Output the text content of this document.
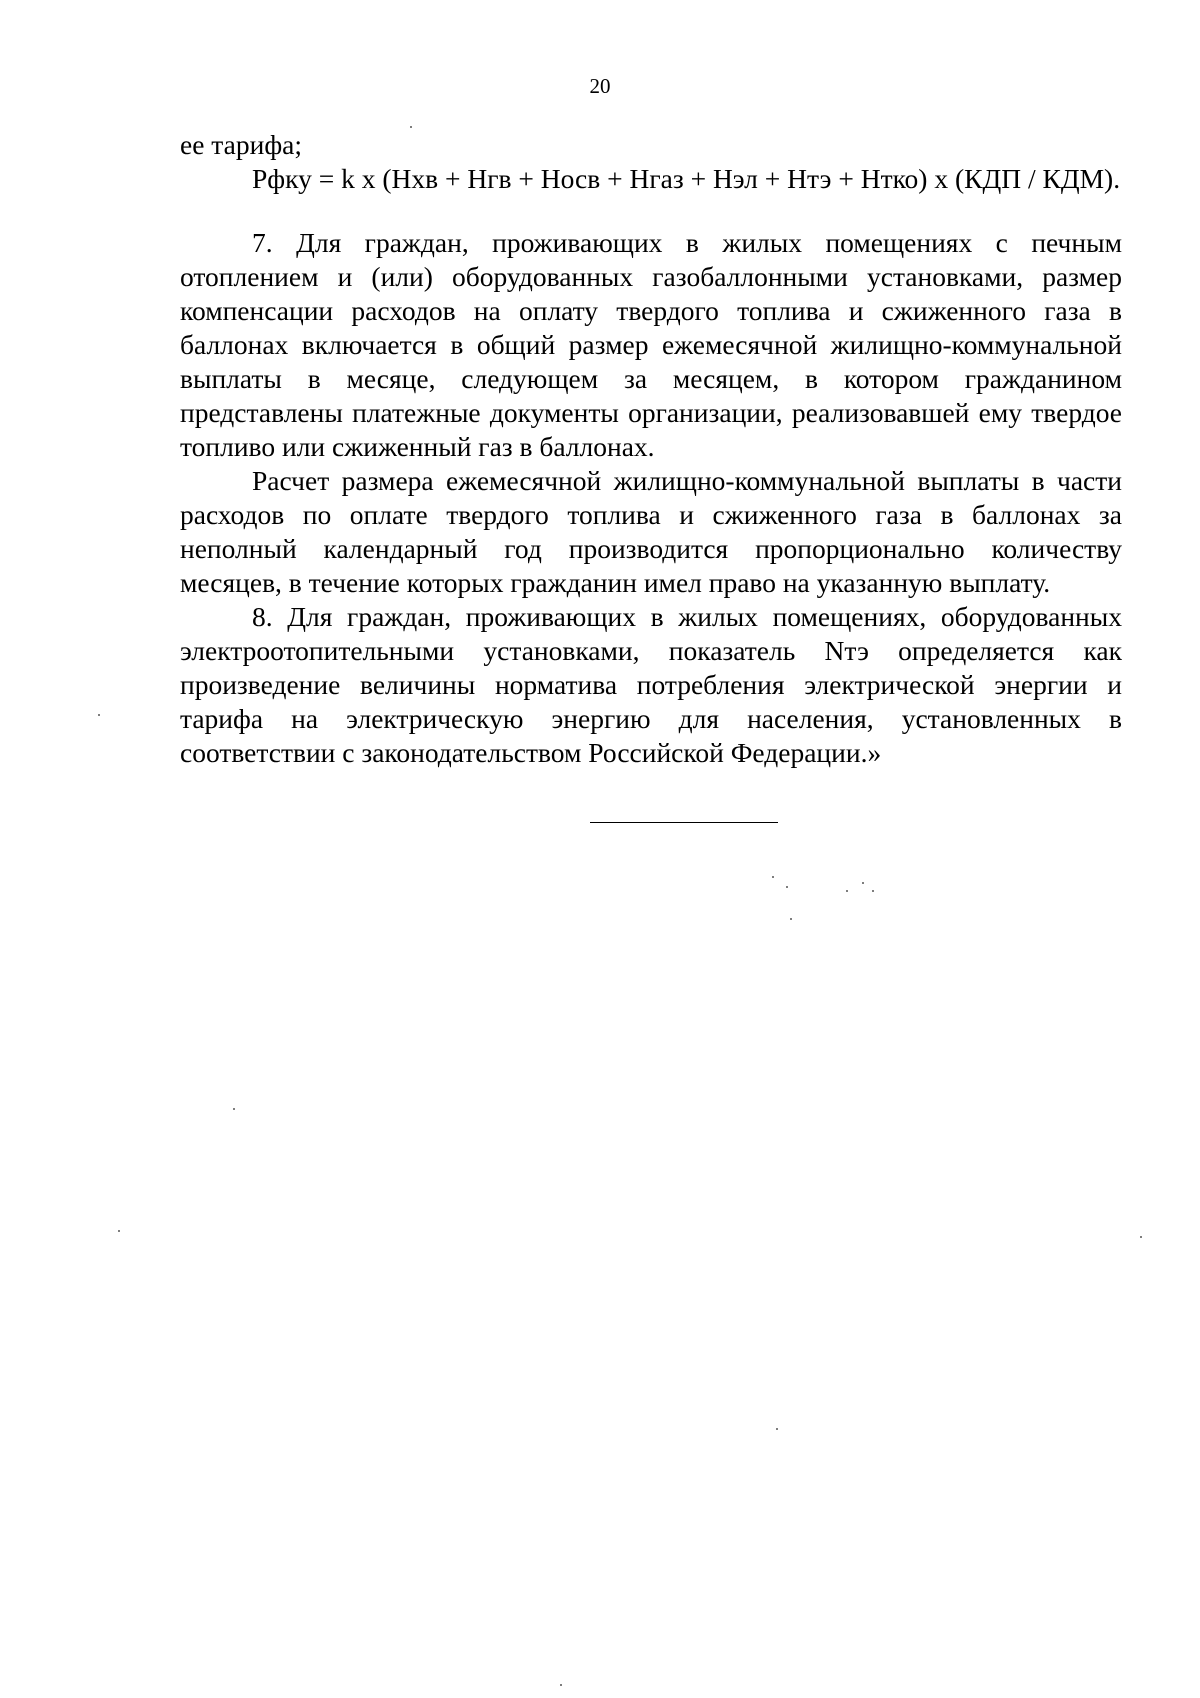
20

ее тарифа;

Рфку = k х (Нхв + Нгв + Носв + Нгаз + Нэл + Нтэ + Нтко) х (КДП / КДМ).

7. Для граждан, проживающих в жилых помещениях с печным отоплением и (или) оборудованных газобаллонными установками, размер компенсации расходов на оплату твердого топлива и сжиженного газа в баллонах включается в общий размер ежемесячной жилищно-коммунальной выплаты в месяце, следующем за месяцем, в котором гражданином представлены платежные документы организации, реализовавшей ему твердое топливо или сжиженный газ в баллонах.

Расчет размера ежемесячной жилищно-коммунальной выплаты в части расходов по оплате твердого топлива и сжиженного газа в баллонах за неполный календарный год производится пропорционально количеству месяцев, в течение которых гражданин имел право на указанную выплату.

8. Для граждан, проживающих в жилых помещениях, оборудованных электроотопительными установками, показатель Nтэ определяется как произведение величины норматива потребления электрической энергии и тарифа на электрическую энергию для населения, установленных в соответствии с законодательством Российской Федерации.»
